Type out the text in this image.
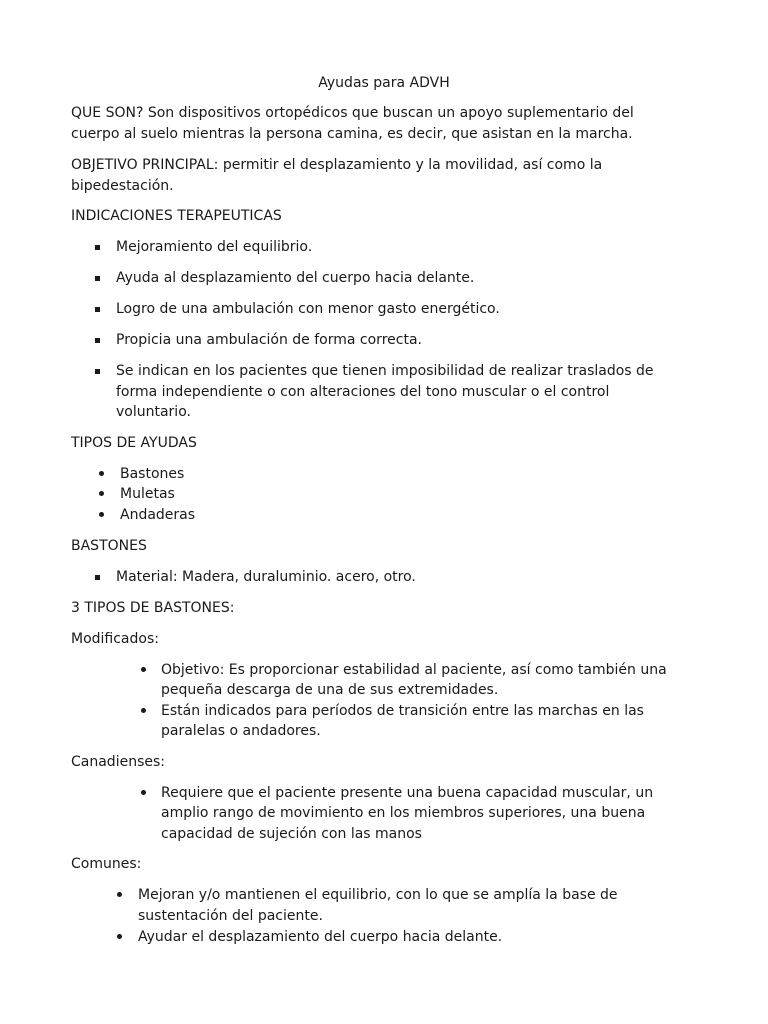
Ayudas para ADVH

QUE SON? Son dispositivos ortopédicos que buscan un apoyo suplementario del

cuerpo al suelo mientras la persona camina, es decir, que asistan en la marcha.

OBJETIVO PRINCIPAL: permitir el desplazamiento y la movilidad, así como la

bipedestación.

INDICACIONES TERAPEUTICAS

Mejoramiento del equilibrio.

Ayuda al desplazamiento del cuerpo hacia delante.

Logro de una ambulación con menor gasto energético.

Propicia una ambulación de forma correcta.

Se indican en los pacientes que tienen imposibilidad de realizar traslados de

forma independiente o con alteraciones del tono muscular o el control

voluntario.

TIPOS DE AYUDAS

Bastones

Muletas

Andaderas

BASTONES

Material: Madera, duraluminio. acero, otro.

3 TIPOS DE BASTONES:

Modificados:

Objetivo: Es proporcionar estabilidad al paciente, así como también una

pequeña descarga de una de sus extremidades.

Están indicados para períodos de transición entre las marchas en las

paralelas o andadores.

Canadienses:

Requiere que el paciente presente una buena capacidad muscular, un

amplio rango de movimiento en los miembros superiores, una buena

capacidad de sujeción con las manos

Comunes:

Mejoran y/o mantienen el equilibrio, con lo que se amplía la base de

sustentación del paciente.

Ayudar el desplazamiento del cuerpo hacia delante.
